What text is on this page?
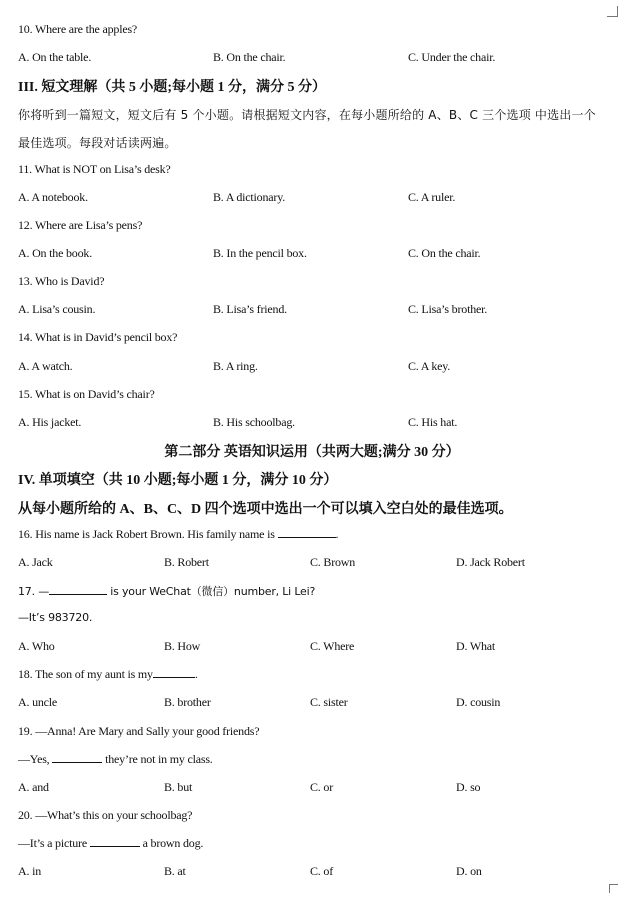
10. Where are the apples?
A. On the table.	B. On the chair.	C. Under the chair.
III. 短文理解（共 5 小题;每小题 1 分，满分 5 分）
你将听到一篇短文，短文后有 5 个小题。请根据短文内容，在每小题所给的 A、B、C 三个选项 中选出一个
最佳选项。每段对话读两遍。
11. What is NOT on Lisa’s desk?
A. A notebook.	B. A dictionary.	C. A ruler.
12. Where are Lisa’s pens?
A. On the book.	B. In the pencil box.	C. On the chair.
13. Who is David?
A. Lisa’s cousin.	B. Lisa’s friend.	C. Lisa’s brother.
14. What is in David’s pencil box?
A. A watch.	B. A ring.	C. A key.
15. What is on David’s chair?
A. His jacket.	B. His schoolbag.	C. His hat.
第二部分 英语知识运用（共两大题;满分 30 分）
IV. 单项填空（共 10 小题;每小题 1 分，满分 10 分）
从每小题所给的 A、B、C、D 四个选项中选出一个可以填入空白处的最佳选项。
16. His name is Jack Robert Brown. His family name is	.
A. Jack	B. Robert	C. Brown	D. Jack Robert
17. —	is your WeChat（微信）number, Li Lei?
—It’s 983720.
A. Who	B. How	C. Where	D. What
18. The son of my aunt is my	.
A. uncle	B. brother	C. sister	D. cousin
19. —Anna! Are Mary and Sally your good friends?
—Yes,	they’re not in my class.
A. and	B. but	C. or	D. so
20. —What’s this on your schoolbag?
—It’s a picture	a brown dog.
A. in	B. at	C. of	D. on
